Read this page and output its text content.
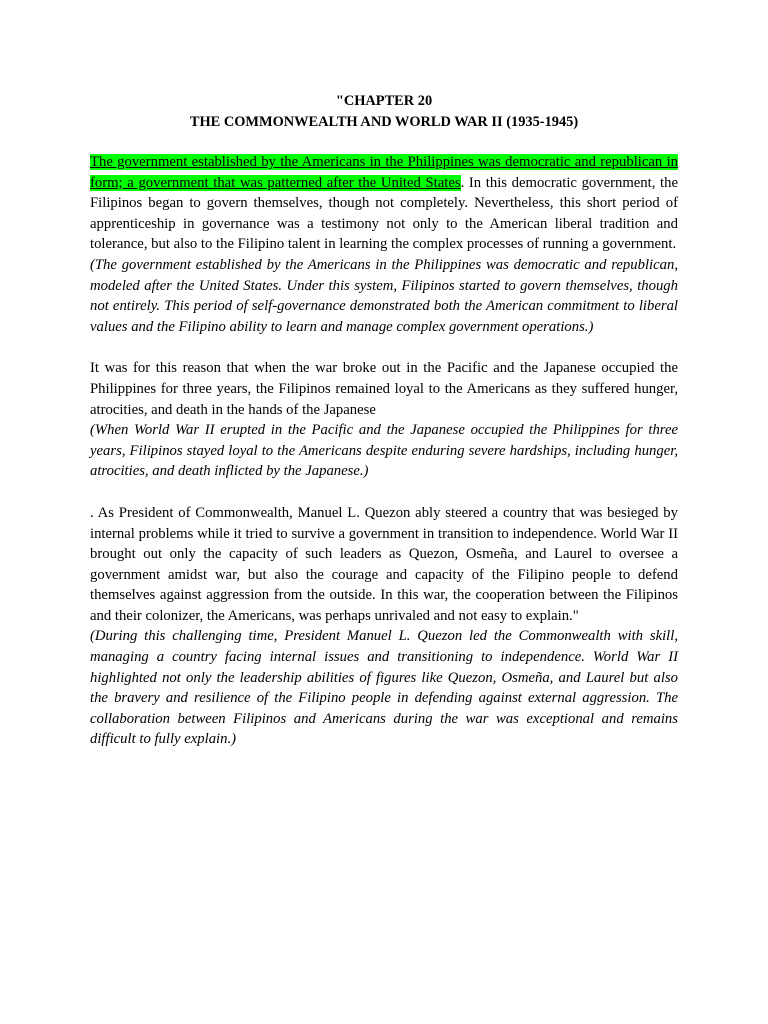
"CHAPTER 20
THE COMMONWEALTH AND WORLD WAR II (1935-1945)

The government established by the Americans in the Philippines was democratic and republican in form; a government that was patterned after the United States. In this democratic government, the Filipinos began to govern themselves, though not completely. Nevertheless, this short period of apprenticeship in governance was a testimony not only to the American liberal tradition and tolerance, but also to the Filipino talent in learning the complex processes of running a government.

(The government established by the Americans in the Philippines was democratic and republican, modeled after the United States. Under this system, Filipinos started to govern themselves, though not entirely. This period of self-governance demonstrated both the American commitment to liberal values and the Filipino ability to learn and manage complex government operations.)

It was for this reason that when the war broke out in the Pacific and the Japanese occupied the Philippines for three years, the Filipinos remained loyal to the Americans as they suffered hunger, atrocities, and death in the hands of the Japanese

(When World War II erupted in the Pacific and the Japanese occupied the Philippines for three years, Filipinos stayed loyal to the Americans despite enduring severe hardships, including hunger, atrocities, and death inflicted by the Japanese.)

. As President of Commonwealth, Manuel L. Quezon ably steered a country that was besieged by internal problems while it tried to survive a government in transition to independence. World War II brought out only the capacity of such leaders as Quezon, Osmeña, and Laurel to oversee a government amidst war, but also the courage and capacity of the Filipino people to defend themselves against aggression from the outside. In this war, the cooperation between the Filipinos and their colonizer, the Americans, was perhaps unrivaled and not easy to explain."

(During this challenging time, President Manuel L. Quezon led the Commonwealth with skill, managing a country facing internal issues and transitioning to independence. World War II highlighted not only the leadership abilities of figures like Quezon, Osmeña, and Laurel but also the bravery and resilience of the Filipino people in defending against external aggression. The collaboration between Filipinos and Americans during the war was exceptional and remains difficult to fully explain.)
